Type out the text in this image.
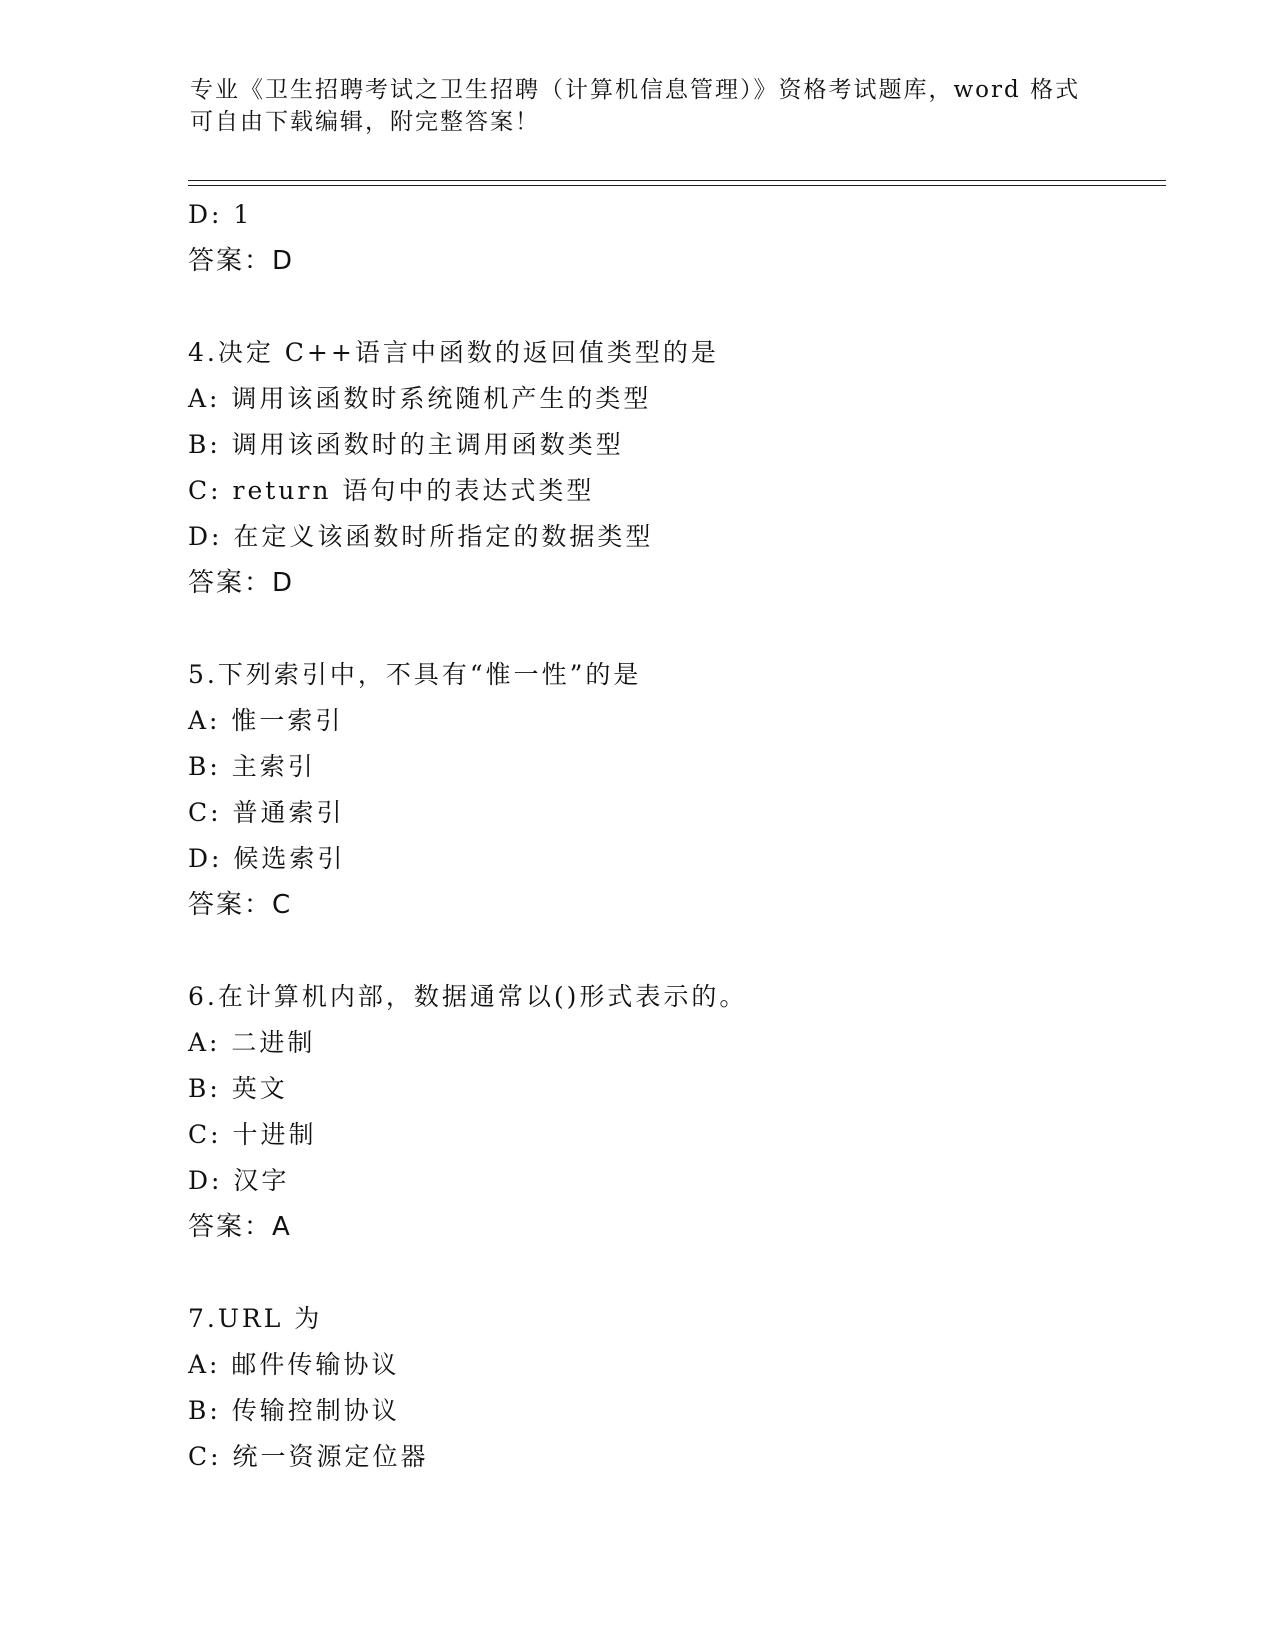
专业《卫生招聘考试之卫生招聘（计算机信息管理）》资格考试题库，word 格式
可自由下载编辑，附完整答案！
D: 1
答案：D
4.决定 C++语言中函数的返回值类型的是
A: 调用该函数时系统随机产生的类型
B: 调用该函数时的主调用函数类型
C: return 语句中的表达式类型
D: 在定义该函数时所指定的数据类型
答案：D
5.下列索引中，不具有“惟一性”的是
A: 惟一索引
B: 主索引
C: 普通索引
D: 候选索引
答案：C
6.在计算机内部，数据通常以()形式表示的。
A: 二进制
B: 英文
C: 十进制
D: 汉字
答案：A
7.URL 为
A: 邮件传输协议
B: 传输控制协议
C: 统一资源定位器
